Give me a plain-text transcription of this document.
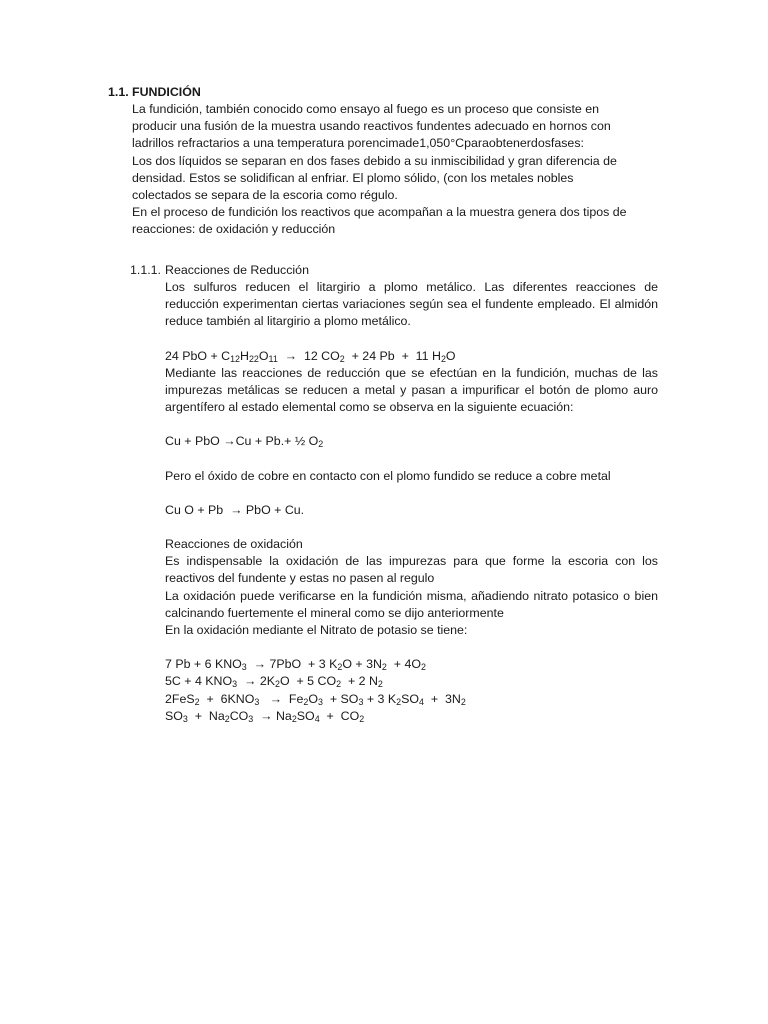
1.1. FUNDICIÓN

La fundición, también conocido como ensayo al fuego es un proceso que consiste en producir una fusión de la muestra usando reactivos fundentes adecuado en hornos con ladrillos refractarios a una temperatura porencimade1,050°Cparaobtenerdosfases:

Los dos líquidos se separan en dos fases debido a su inmiscibilidad y gran diferencia de densidad. Estos se solidifican al enfriar. El plomo sólido, (con los metales nobles colectados se separa de la escoria como régulo.

En el proceso de fundición los reactivos que acompañan a la muestra genera dos tipos de reacciones: de oxidación y reducción

1.1.1. Reacciones de Reducción

Los sulfuros reducen el litargirio a plomo metálico. Las diferentes reacciones de reducción experimentan ciertas variaciones según sea el fundente empleado. El almidón reduce también al litargirio a plomo metálico.

24 PbO + $C_{12}H_{22}O_{11} \to 12$ $CO_2 + 24$ Pb  +  11 $H_2O$

Mediante las reacciones de reducción que se efectúan en la fundición, muchas de las impurezas metálicas se reducen a metal y pasan a impurificar el botón de plomo auro argentífero al estado elemental como se observa en la siguiente ecuación:

Cu + PbO →Cu + Pb.+ ½ $O_2$

Pero el óxido de cobre en contacto con el plomo fundido se reduce a cobre metal

Cu O + Pb  → PbO + Cu.

Reacciones de oxidación

Es indispensable la oxidación de las impurezas para que forme la escoria con los reactivos del fundente y estas no pasen al regulo

La oxidación puede verificarse en la fundición misma, añadiendo nitrato potasico o bien calcinando fuertemente el mineral como se dijo anteriormente

En la oxidación mediante el Nitrato de potasio se tiene:

7 Pb + 6 $KNO_3 \to 7PbO + 3$ $K_2O + 3N_2 + 4O_2$

5C + 4 $KNO_3 \to 2K_2O + 5$ $CO_2 + 2$ $N_2$

$2FeS_2 + 6KNO_3 \to Fe_2O_3 + SO_3 + 3$ $K_2SO_4 + 3N_2$

$SO_3 + Na_2CO_3 \to Na_2SO_4 + CO_2$
